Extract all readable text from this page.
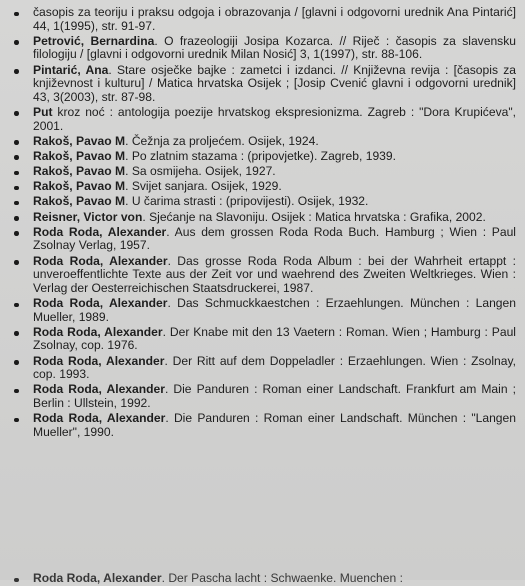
časopis za teoriju i praksu odgoja i obrazovanja / [glavni i odgovorni urednik Ana Pintarić] 44, 1(1995), str. 91-97.
Petrović, Bernardina. O frazeologiji Josipa Kozarca. // Riječ : časopis za slavensku filologiju / [glavni i odgovorni urednik Milan Nosić] 3, 1(1997), str. 88-106.
Pintarić, Ana. Stare osječke bajke : zametci i izdanci. // Književna revija : [časopis za književnost i kulturu] / Matica hrvatska Osijek ; [Josip Cvenić glavni i odgovorni urednik] 43, 3(2003), str. 87-98.
Put kroz noć : antologija poezije hrvatskog ekspresionizma. Zagreb : "Dora Krupićeva", 2001.
Rakoš, Pavao M. Čežnja za proljećem. Osijek, 1924.
Rakoš, Pavao M. Po zlatnim stazama : (pripovjetke). Zagreb, 1939.
Rakoš, Pavao M. Sa osmijeha. Osijek, 1927.
Rakoš, Pavao M. Svijet sanjara. Osijek, 1929.
Rakoš, Pavao M. U čarima strasti : (pripovijesti). Osijek, 1932.
Reisner, Victor von. Sjećanje na Slavoniju. Osijek : Matica hrvatska : Grafika, 2002.
Roda Roda, Alexander. Aus dem grossen Roda Roda Buch. Hamburg ; Wien : Paul Zsolnay Verlag, 1957.
Roda Roda, Alexander. Das grosse Roda Roda Album : bei der Wahrheit ertappt : unveroeffentlichte Texte aus der Zeit vor und waehrend des Zweiten Weltkrieges. Wien : Verlag der Oesterreichischen Staatsdruckerei, 1987.
Roda Roda, Alexander. Das Schmuckkaestchen : Erzaehlungen. München : Langen Mueller, 1989.
Roda Roda, Alexander. Der Knabe mit den 13 Vaetern : Roman. Wien ; Hamburg : Paul Zsolnay, cop. 1976.
Roda Roda, Alexander. Der Ritt auf dem Doppeladler : Erzaehlungen. Wien : Zsolnay, cop. 1993.
Roda Roda, Alexander. Die Panduren : Roman einer Landschaft. Frankfurt am Main ; Berlin : Ullstein, 1992.
Roda Roda, Alexander. Die Panduren : Roman einer Landschaft. München : "Langen Mueller", 1990.
Roda Roda, Alexander. Der Pascha lacht : Schwaenke. Muenchen :
